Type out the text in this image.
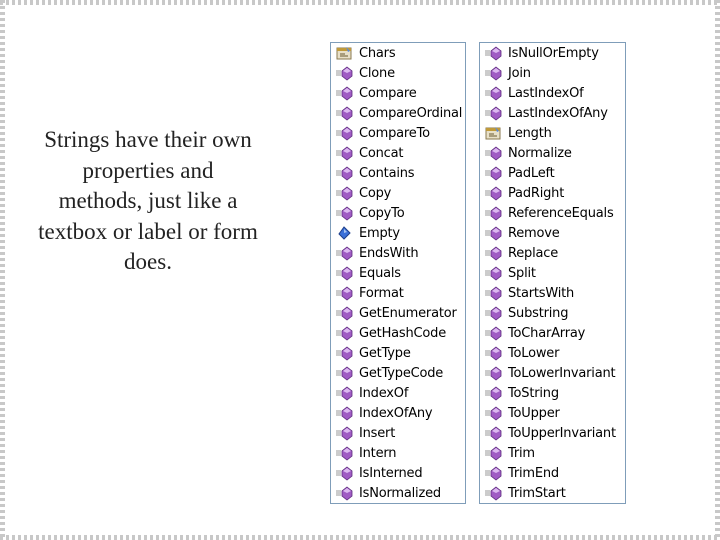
Strings have their own properties and methods, just like a textbox or label or form does.
Chars
Clone
Compare
CompareOrdinal
CompareTo
Concat
Contains
Copy
CopyTo
Empty
EndsWith
Equals
Format
GetEnumerator
GetHashCode
GetType
GetTypeCode
IndexOf
IndexOfAny
Insert
Intern
IsInterned
IsNormalized
IsNullOrEmpty
Join
LastIndexOf
LastIndexOfAny
Length
Normalize
PadLeft
PadRight
ReferenceEquals
Remove
Replace
Split
StartsWith
Substring
ToCharArray
ToLower
ToLowerInvariant
ToString
ToUpper
ToUpperInvariant
Trim
TrimEnd
TrimStart
